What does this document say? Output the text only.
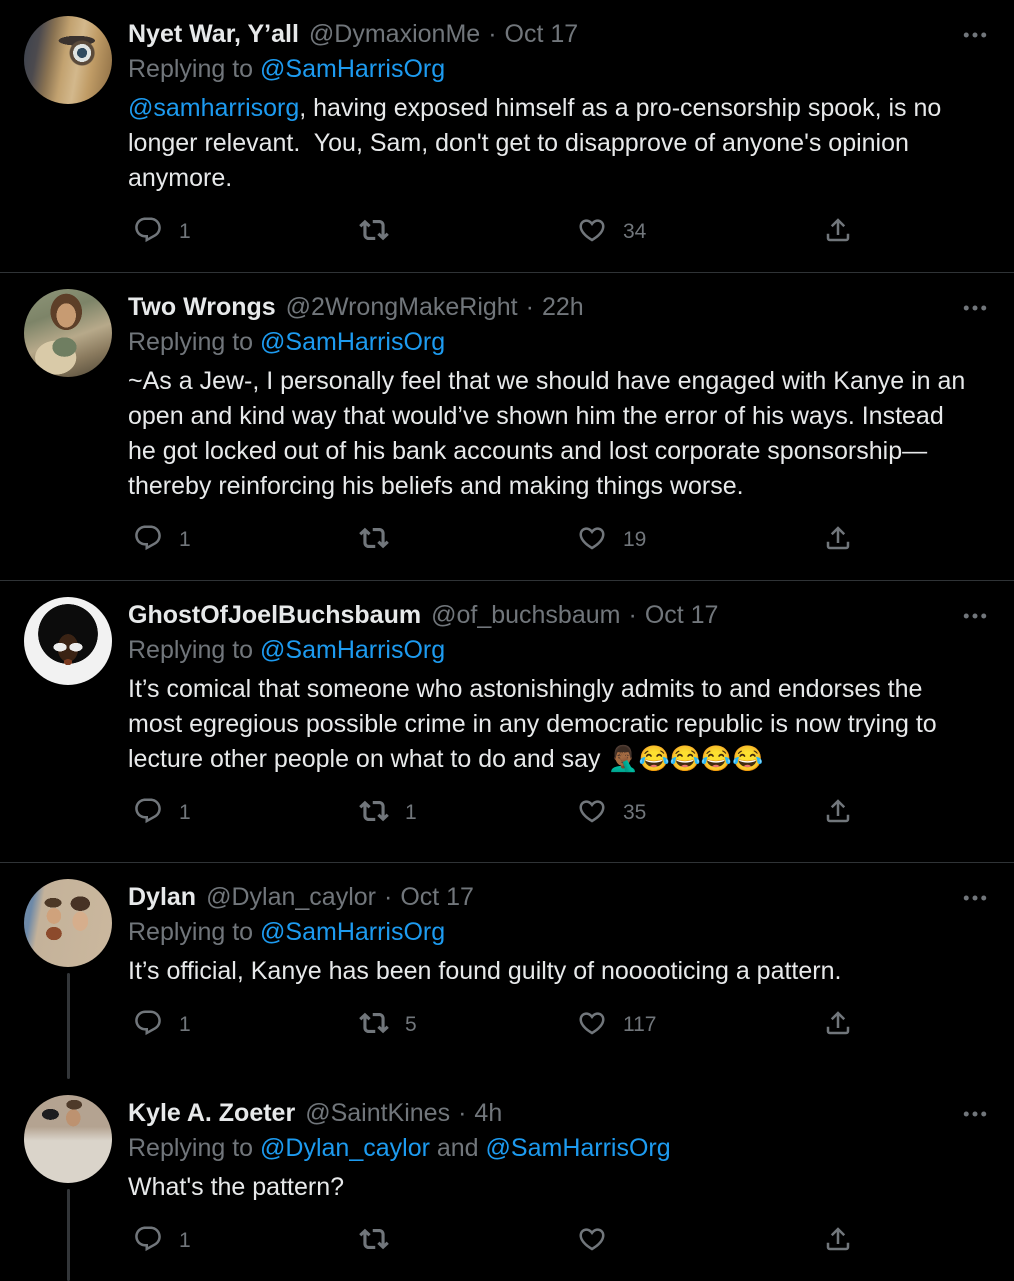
Nyet War, Y’all @DymaxionMe · Oct 17
Replying to @SamHarrisOrg
@samharrisorg, having exposed himself as a pro-censorship spook, is no longer relevant.  You, Sam, don't get to disapprove of anyone's opinion anymore.
1	34
Two Wrongs @2WrongMakeRight · 22h
Replying to @SamHarrisOrg
~As a Jew-, I personally feel that we should have engaged with Kanye in an open and kind way that would’ve shown him the error of his ways. Instead he got locked out of his bank accounts and lost corporate sponsorship—thereby reinforcing his beliefs and making things worse.
1	19
GhostOfJoelBuchsbaum @of_buchsbaum · Oct 17
Replying to @SamHarrisOrg
It’s comical that someone who astonishingly admits to and endorses the most egregious possible crime in any democratic republic is now trying to lecture other people on what to do and say 🤦🏾‍♂️😂😂😂😂
1	1	35
Dylan @Dylan_caylor · Oct 17
Replying to @SamHarrisOrg
It’s official, Kanye has been found guilty of nooooticing a pattern.
1	5	117
Kyle A. Zoeter @SaintKines · 4h
Replying to @Dylan_caylor and @SamHarrisOrg
What's the pattern?
1
